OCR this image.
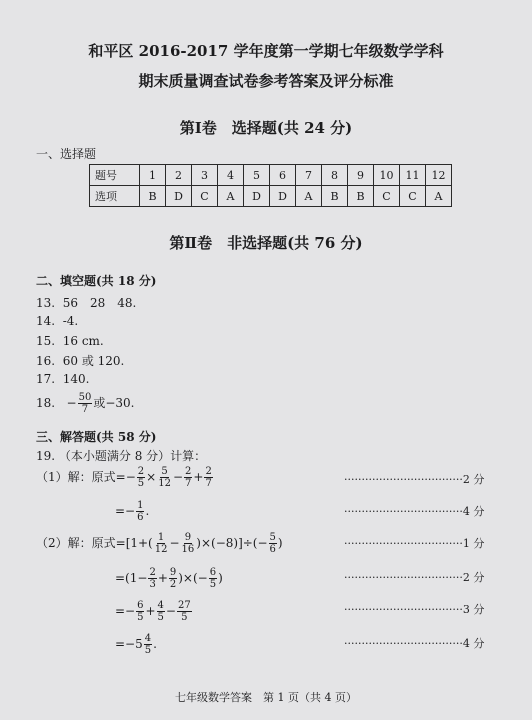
和平区 2016-2017 学年度第一学期七年级数学学科
期末质量调查试卷参考答案及评分标准
第Ⅰ卷　选择题(共 24 分)
一、选择题
题号	1	2	3	4	5	6	7	8	9	10	11	12
选项	B	D	C	A	D	D	A	B	B	C	C	A
第Ⅱ卷　非选择题(共 76 分)
二、填空题(共 18 分)
13. 56　28　48.
14. -4.
15. 16 cm.
16. 60 或 120.
17. 140.
18. − $\frac{50}{7}$ 或−30.
三、解答题(共 58 分)
19. （本小题满分 8 分）计算：
（1）解：原式=− $\frac{2}{5} \times \frac{5}{12} - \frac{2}{7} + \frac{2}{7}$	··································2 分
=− $\frac{1}{6}$ .	··································4 分
（2）解：原式$=[1+( \frac{1}{12} - \frac{9}{16} )\times(-8)]\div(- \frac{5}{6}$ )	··································1 分
$=(1- \frac{2}{3} + \frac{9}{2}$ )×(− $\frac{6}{5}$ )	··································2 分
=− $\frac{6}{5} + \frac{4}{5} - \frac{27}{5}$	··································3 分
$=-5 \frac{4}{5}$ .	··································4 分
七年级数学答案　第 1 页（共 4 页）
